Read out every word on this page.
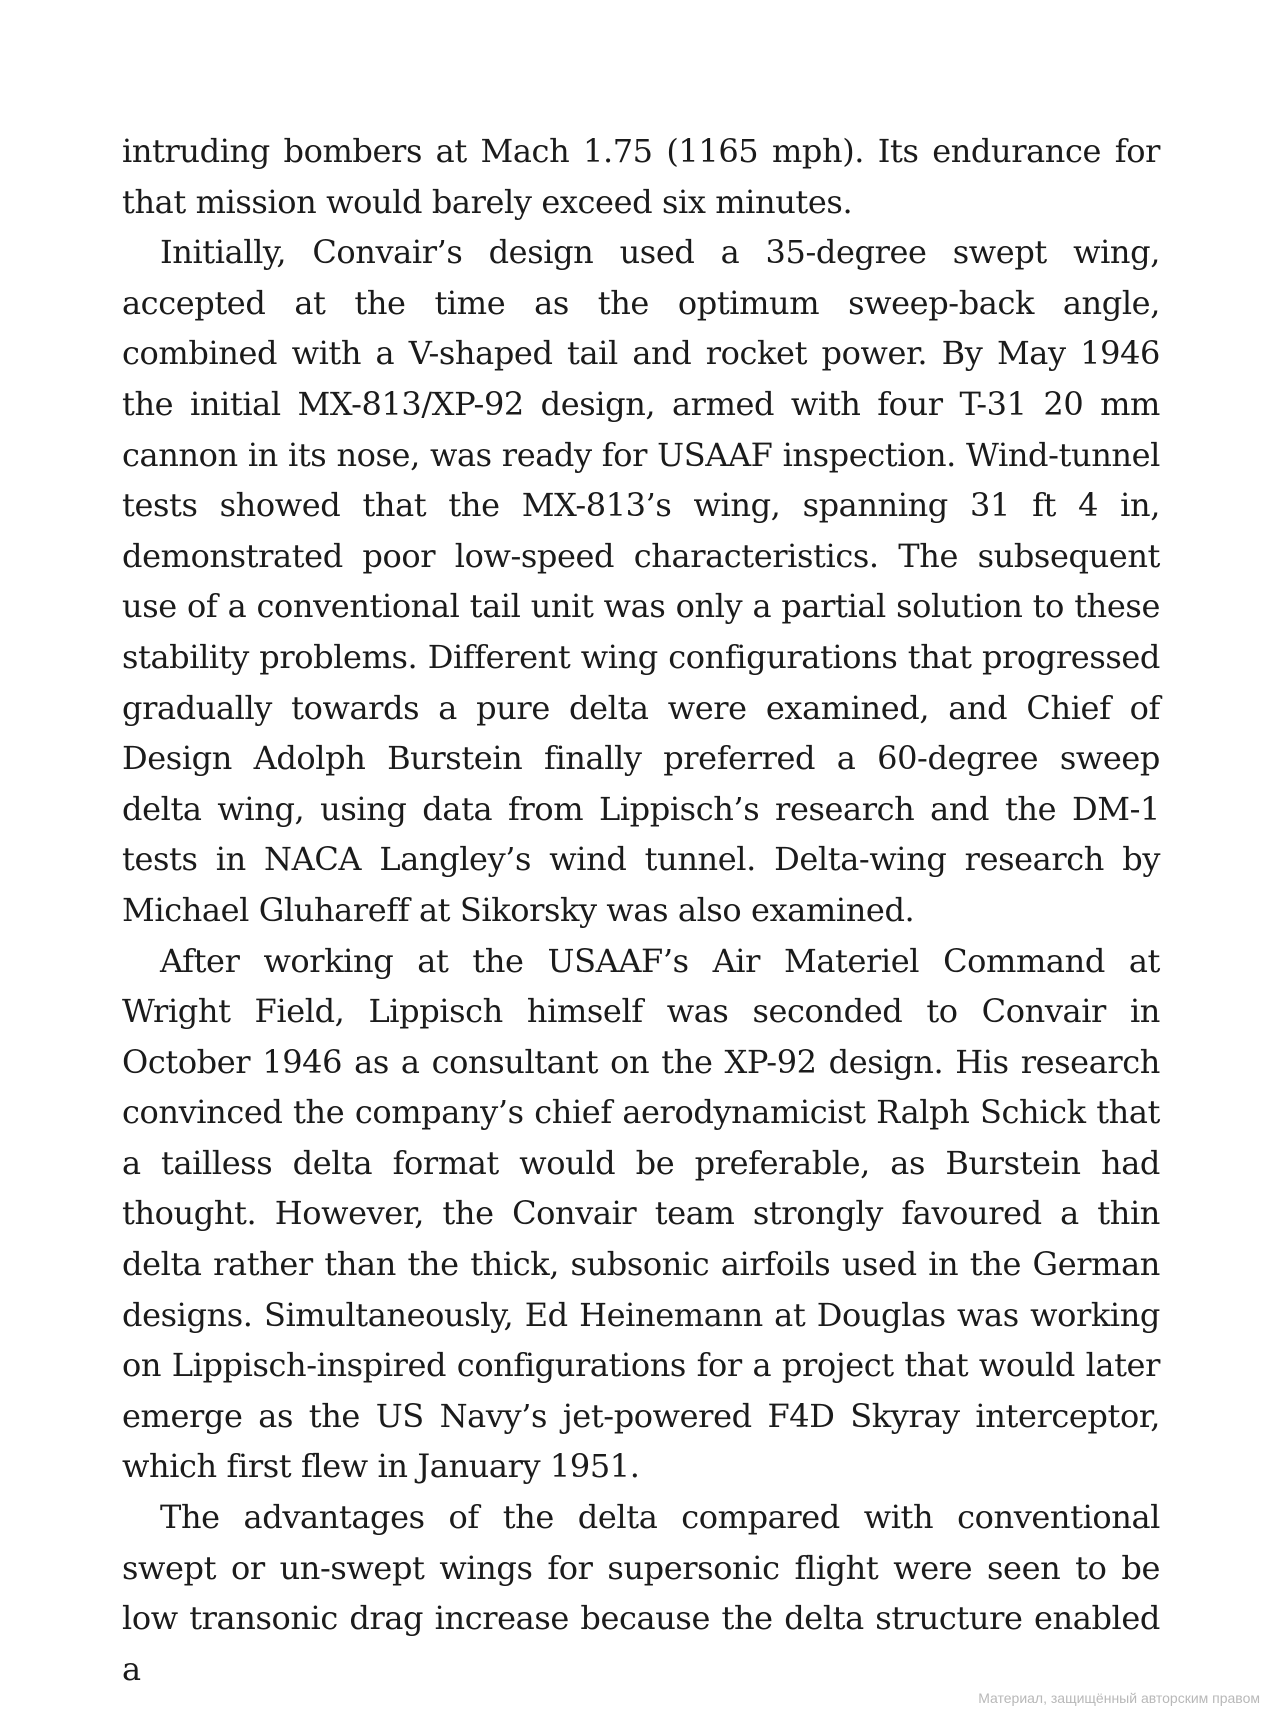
intruding bombers at Mach 1.75 (1165 mph). Its endurance for that mission would barely exceed six minutes.

Initially, Convair’s design used a 35-degree swept wing, accepted at the time as the optimum sweep-back angle, combined with a V-shaped tail and rocket power. By May 1946 the initial MX-813/XP-92 design, armed with four T-31 20 mm cannon in its nose, was ready for USAAF inspection. Wind-tunnel tests showed that the MX-813’s wing, spanning 31 ft 4 in, demonstrated poor low-speed characteristics. The subsequent use of a conventional tail unit was only a partial solution to these stability problems. Different wing configurations that progressed gradually towards a pure delta were examined, and Chief of Design Adolph Burstein finally preferred a 60-degree sweep delta wing, using data from Lippisch’s research and the DM-1 tests in NACA Langley’s wind tunnel. Delta-wing research by Michael Gluhareff at Sikorsky was also examined.

After working at the USAAF’s Air Materiel Command at Wright Field, Lippisch himself was seconded to Convair in October 1946 as a consultant on the XP-92 design. His research convinced the company’s chief aerodynamicist Ralph Schick that a tailless delta format would be preferable, as Burstein had thought. However, the Convair team strongly favoured a thin delta rather than the thick, subsonic airfoils used in the German designs. Simultaneously, Ed Heinemann at Douglas was working on Lippisch-inspired configurations for a project that would later emerge as the US Navy’s jet-powered F4D Skyray interceptor, which first flew in January 1951.

The advantages of the delta compared with conventional swept or un-swept wings for supersonic flight were seen to be low transonic drag increase because the delta structure enabled a

Материал, защищённый авторским правом
